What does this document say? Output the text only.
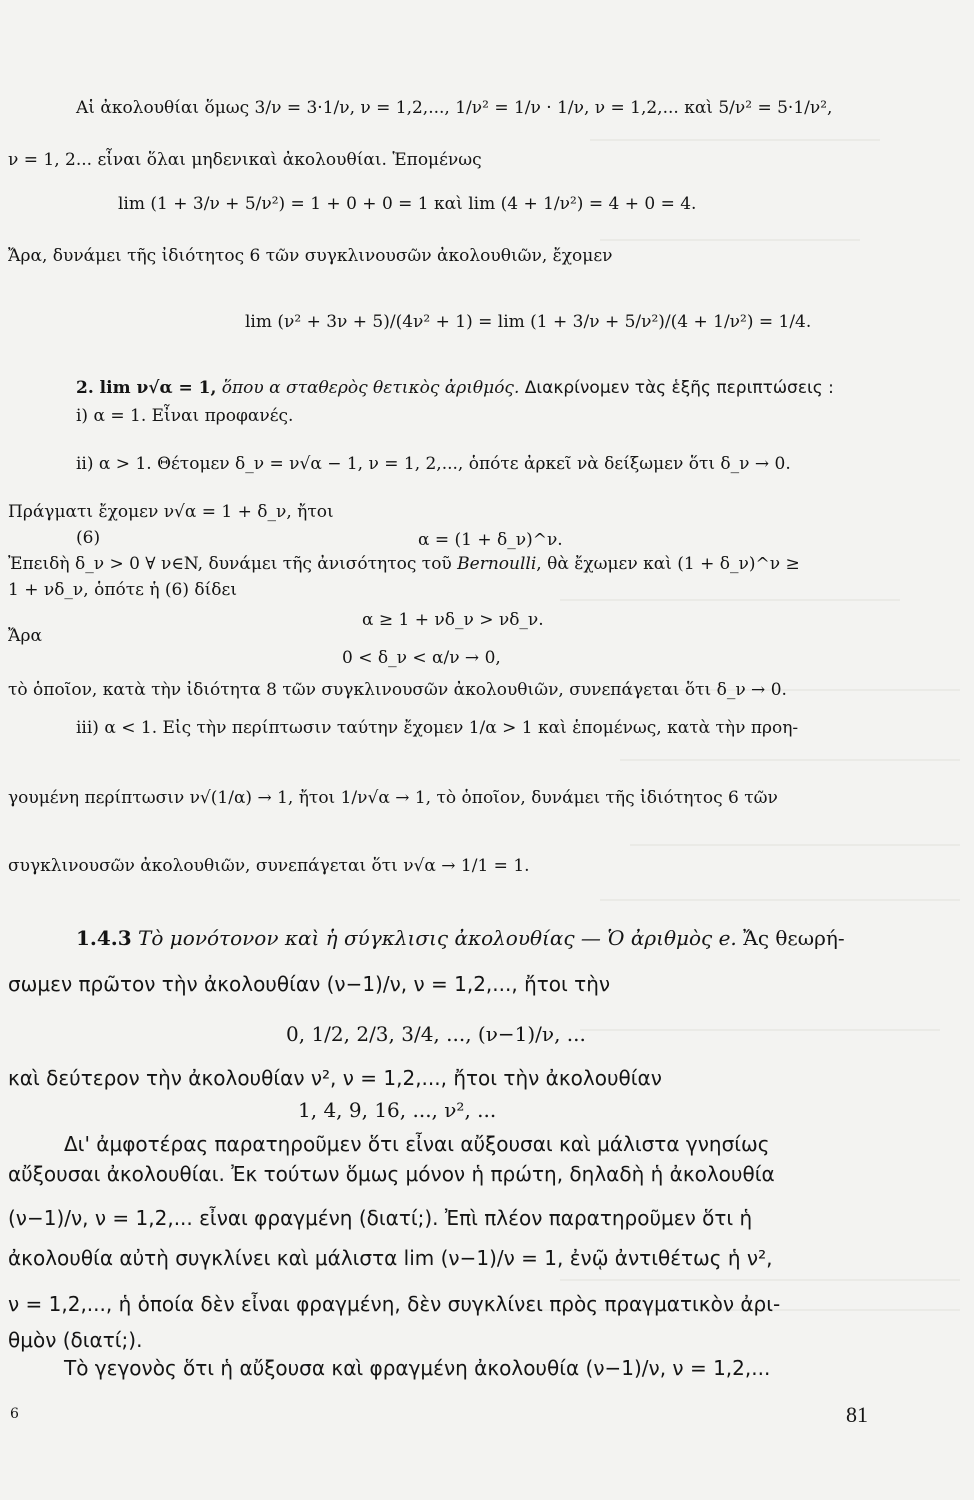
Αἱ ἀκολουθίαι ὅμως 3/ν = 3·1/ν, ν = 1,2,..., 1/ν² = 1/ν · 1/ν, ν = 1,2,... καὶ 5/ν² = 5·1/ν²,
ν = 1, 2... εἶναι ὅλαι μηδενικαὶ ἀκολουθίαι. Ἑπομένως
lim (1 + 3/ν + 5/ν²) = 1 + 0 + 0 = 1 καὶ lim (4 + 1/ν²) = 4 + 0 = 4.
Ἄρα, δυνάμει τῆς ἰδιότητος 6 τῶν συγκλινουσῶν ἀκολουθιῶν, ἔχομεν
lim (ν² + 3ν + 5)/(4ν² + 1) = lim (1 + 3/ν + 5/ν²)/(4 + 1/ν²) = 1/4.
2. lim ν√α = 1, ὅπου α σταθερὸς θετικὸς ἀριθμός. Διακρίνομεν τὰς ἑξῆς περιπτώσεις :
i) α = 1. Εἶναι προφανές.
ii) α > 1. Θέτομεν δ_ν = ν√α − 1, ν = 1, 2,..., ὁπότε ἀρκεῖ νὰ δείξωμεν ὅτι δ_ν → 0.
Πράγματι ἔχομεν ν√α = 1 + δ_ν, ἤτοι
(6)	α = (1 + δ_ν)^ν.
Ἐπειδὴ δ_ν > 0 ∀ ν∈N, δυνάμει τῆς ἀνισότητος τοῦ Bernoulli, θὰ ἔχωμεν καὶ (1 + δ_ν)^ν ≥
1 + νδ_ν, ὁπότε ἡ (6) δίδει
α ≥ 1 + νδ_ν > νδ_ν.
Ἄρα
0 < δ_ν < α/ν → 0,
τὸ ὁποῖον, κατὰ τὴν ἰδιότητα 8 τῶν συγκλινουσῶν ἀκολουθιῶν, συνεπάγεται ὅτι δ_ν → 0.
iii) α < 1. Εἰς τὴν περίπτωσιν ταύτην ἔχομεν 1/α > 1 καὶ ἑπομένως, κατὰ τὴν προη-
γουμένη περίπτωσιν ν√(1/α) → 1, ἤτοι 1/ν√α → 1, τὸ ὁποῖον, δυνάμει τῆς ἰδιότητος 6 τῶν
συγκλινουσῶν ἀκολουθιῶν, συνεπάγεται ὅτι ν√α → 1/1 = 1.
1.4.3 Τὸ μονότονον καὶ ἡ σύγκλισις ἀκολουθίας — Ὁ ἀριθμὸς e. Ἄς θεωρή-
σωμεν πρῶτον τὴν ἀκολουθίαν (ν−1)/ν, ν = 1,2,..., ἤτοι τὴν
0, 1/2, 2/3, 3/4, ..., (ν−1)/ν, ...
καὶ δεύτερον τὴν ἀκολουθίαν ν², ν = 1,2,..., ἤτοι τὴν ἀκολουθίαν
1, 4, 9, 16, ..., ν², ...
Δι' ἀμφοτέρας παρατηροῦμεν ὅτι εἶναι αὔξουσαι καὶ μάλιστα γνησίως
αὔξουσαι ἀκολουθίαι. Ἐκ τούτων ὅμως μόνον ἡ πρώτη, δηλαδὴ ἡ ἀκολουθία
(ν−1)/ν, ν = 1,2,... εἶναι φραγμένη (διατί;). Ἐπὶ πλέον παρατηροῦμεν ὅτι ἡ
ἀκολουθία αὐτὴ συγκλίνει καὶ μάλιστα lim (ν−1)/ν = 1, ἐνῷ ἀντιθέτως ἡ ν²,
ν = 1,2,..., ἡ ὁποία δὲν εἶναι φραγμένη, δὲν συγκλίνει πρὸς πραγματικὸν ἀρι-
θμὸν (διατί;).
Τὸ γεγονὸς ὅτι ἡ αὔξουσα καὶ φραγμένη ἀκολουθία (ν−1)/ν, ν = 1,2,...
6	81
